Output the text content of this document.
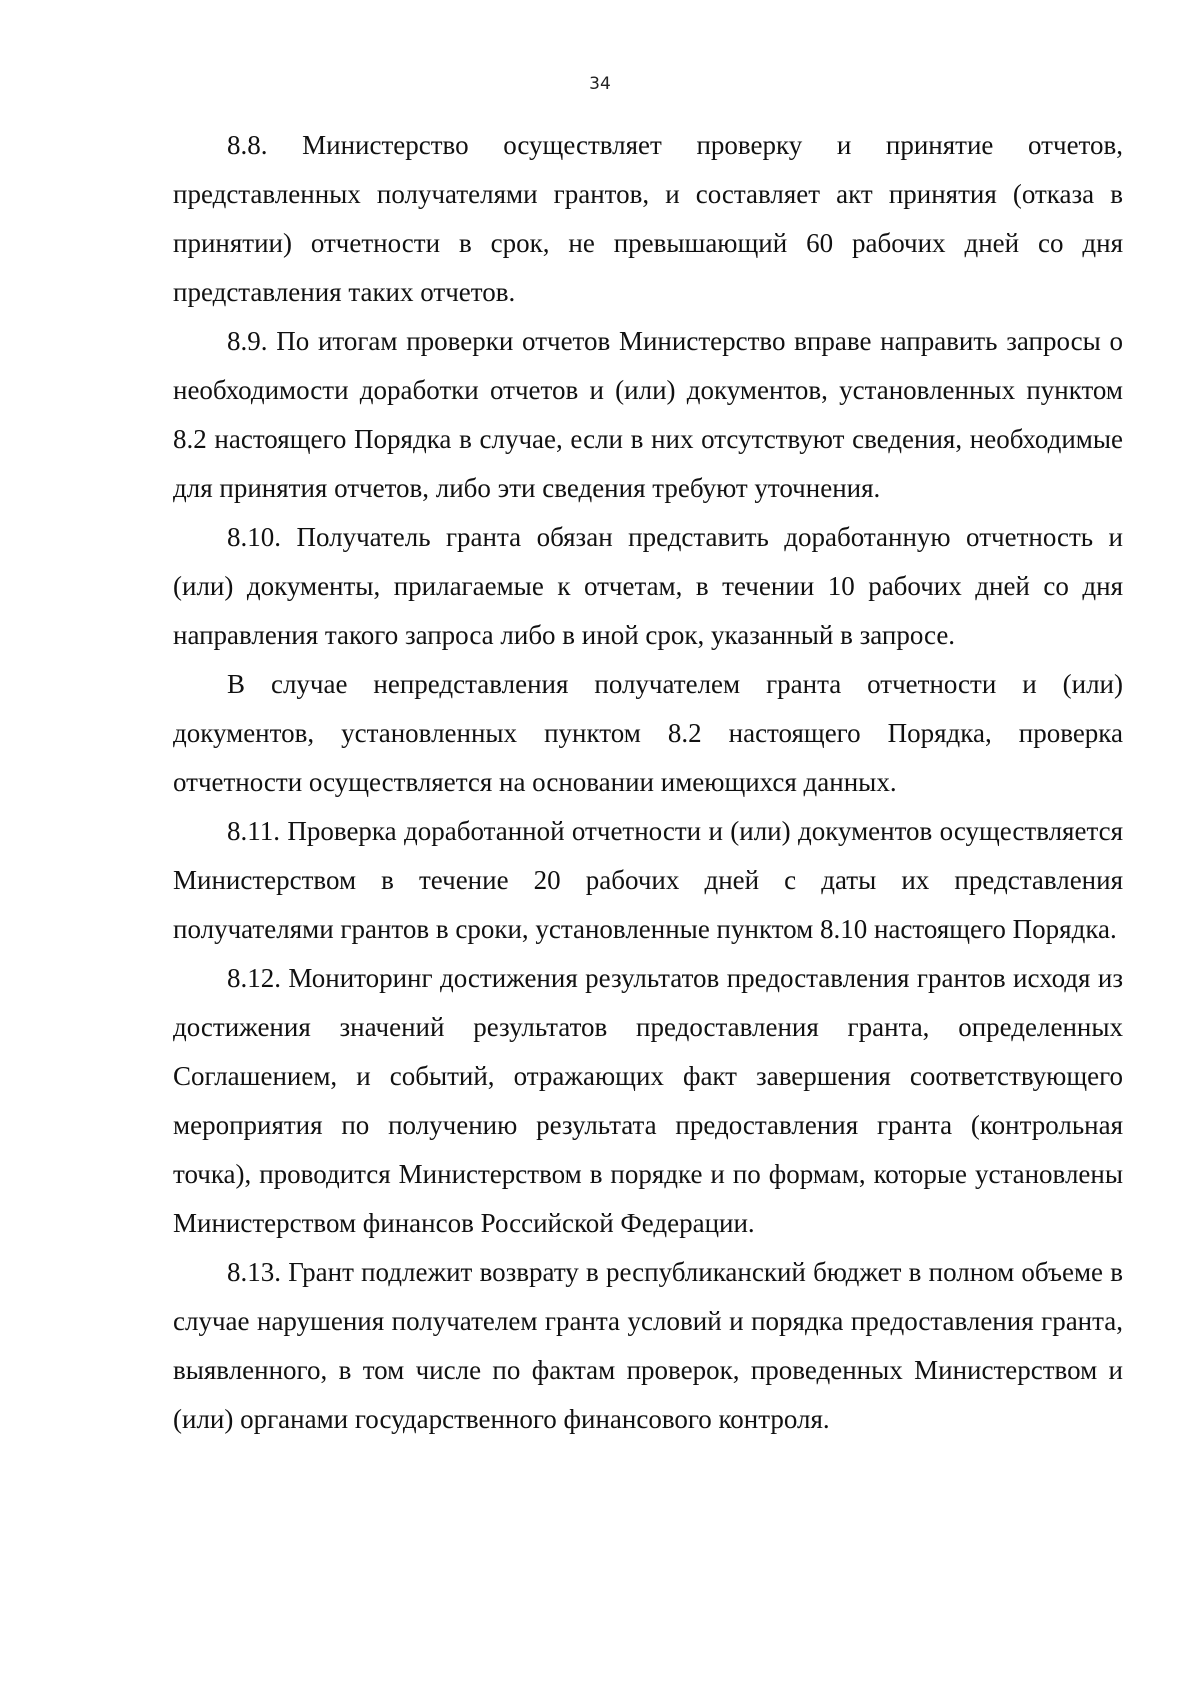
34

8.8. Министерство осуществляет проверку и принятие отчетов, представленных получателями грантов, и составляет акт принятия (отказа в принятии) отчетности в срок, не превышающий 60 рабочих дней со дня представления таких отчетов.

8.9. По итогам проверки отчетов Министерство вправе направить запросы о необходимости доработки отчетов и (или) документов, установленных пунктом 8.2 настоящего Порядка в случае, если в них отсутствуют сведения, необходимые для принятия отчетов, либо эти сведения требуют уточнения.

8.10. Получатель гранта обязан представить доработанную отчетность и (или) документы, прилагаемые к отчетам, в течении 10 рабочих дней со дня направления такого запроса либо в иной срок, указанный в запросе.

В случае непредставления получателем гранта отчетности и (или) документов, установленных пунктом 8.2 настоящего Порядка, проверка отчетности осуществляется на основании имеющихся данных.

8.11. Проверка доработанной отчетности и (или) документов осуществляется Министерством в течение 20 рабочих дней с даты их представления получателями грантов в сроки, установленные пунктом 8.10 настоящего Порядка.

8.12. Мониторинг достижения результатов предоставления грантов исходя из достижения значений результатов предоставления гранта, определенных Соглашением, и событий, отражающих факт завершения соответствующего мероприятия по получению результата предоставления гранта (контрольная точка), проводится Министерством в порядке и по формам, которые установлены Министерством финансов Российской Федерации.

8.13. Грант подлежит возврату в республиканский бюджет в полном объеме в случае нарушения получателем гранта условий и порядка предоставления гранта, выявленного, в том числе по фактам проверок, проведенных Министерством и (или) органами государственного финансового контроля.
